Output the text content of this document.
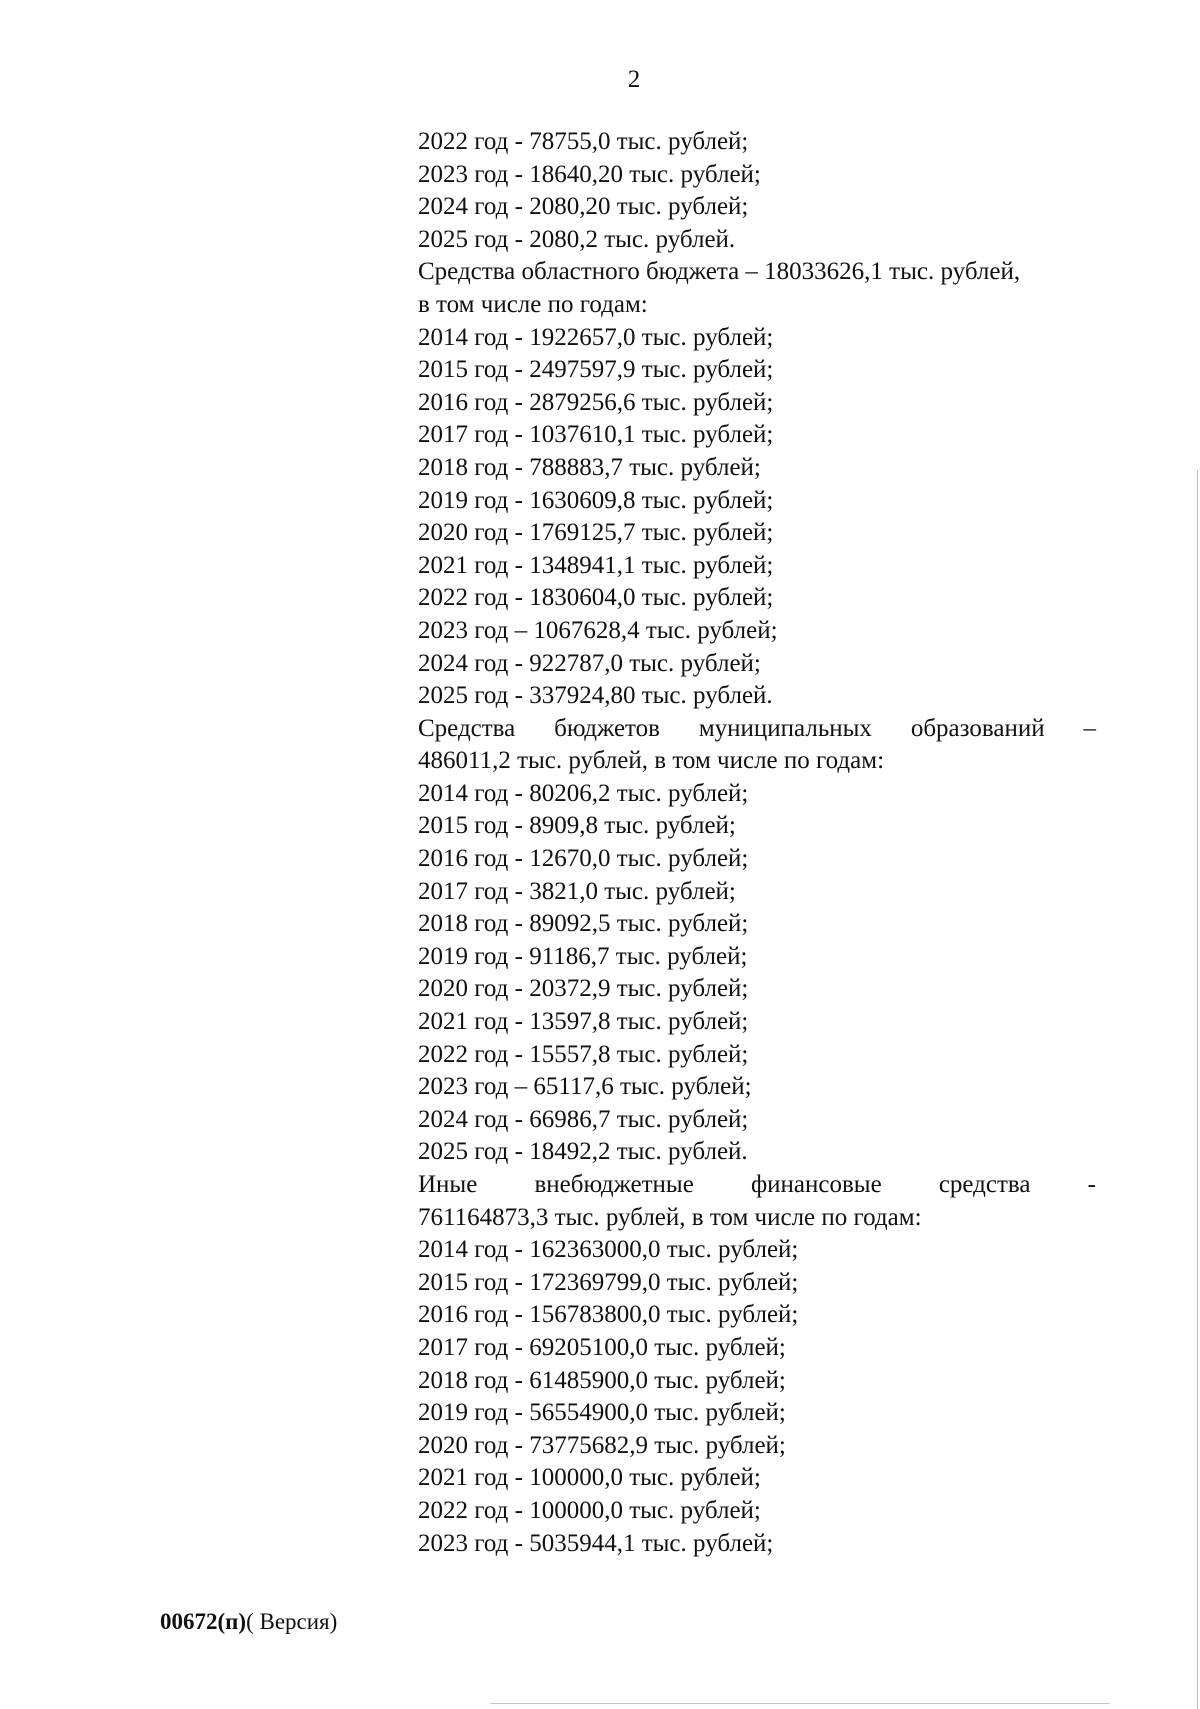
2
2022 год - 78755,0 тыс. рублей;
2023 год - 18640,20 тыс. рублей;
2024 год - 2080,20 тыс. рублей;
2025 год - 2080,2 тыс. рублей.
Средства областного бюджета – 18033626,1 тыс. рублей,
в том числе по годам:
2014 год - 1922657,0 тыс. рублей;
2015 год - 2497597,9 тыс. рублей;
2016 год - 2879256,6 тыс. рублей;
2017 год - 1037610,1 тыс. рублей;
2018 год - 788883,7 тыс. рублей;
2019 год - 1630609,8 тыс. рублей;
2020 год - 1769125,7 тыс. рублей;
2021 год - 1348941,1 тыс. рублей;
2022 год - 1830604,0 тыс. рублей;
2023 год – 1067628,4 тыс. рублей;
2024 год - 922787,0 тыс. рублей;
2025 год - 337924,80 тыс. рублей.
Средства бюджетов муниципальных образований –
486011,2 тыс. рублей, в том числе по годам:
2014 год - 80206,2 тыс. рублей;
2015 год - 8909,8 тыс. рублей;
2016 год - 12670,0 тыс. рублей;
2017 год - 3821,0 тыс. рублей;
2018 год - 89092,5 тыс. рублей;
2019 год - 91186,7 тыс. рублей;
2020 год - 20372,9 тыс. рублей;
2021 год - 13597,8 тыс. рублей;
2022 год - 15557,8 тыс. рублей;
2023 год – 65117,6 тыс. рублей;
2024 год - 66986,7 тыс. рублей;
2025 год - 18492,2 тыс. рублей.
Иные внебюджетные финансовые средства -
761164873,3 тыс. рублей, в том числе по годам:
2014 год - 162363000,0 тыс. рублей;
2015 год - 172369799,0 тыс. рублей;
2016 год - 156783800,0 тыс. рублей;
2017 год - 69205100,0 тыс. рублей;
2018 год - 61485900,0 тыс. рублей;
2019 год - 56554900,0 тыс. рублей;
2020 год - 73775682,9 тыс. рублей;
2021 год - 100000,0 тыс. рублей;
2022 год - 100000,0 тыс. рублей;
2023 год - 5035944,1 тыс. рублей;
00672(п)( Версия)
